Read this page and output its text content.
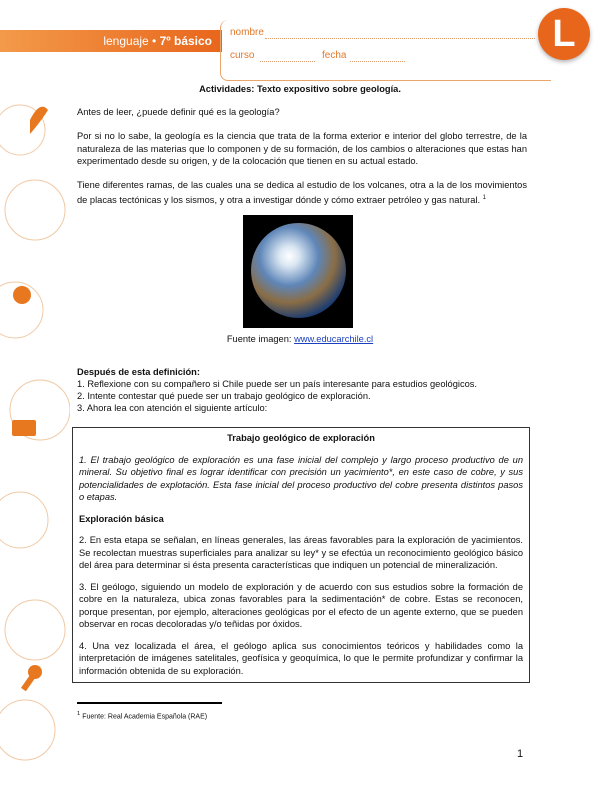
lenguaje • 7º básico
nombre
curso	fecha
L
Actividades: Texto expositivo sobre geología.
Antes de leer, ¿puede definir qué es la geología?
Por si no lo sabe, la geología es la ciencia que trata de la forma exterior e interior del globo terrestre, de la naturaleza de las materias que lo componen y de su formación, de los cambios o alteraciones que estas han experimentado desde su origen, y de la colocación que tienen en su actual estado.
Tiene diferentes ramas, de las cuales una se dedica al estudio de los volcanes, otra a la de los movimientos de placas tectónicas y los sismos, y otra a investigar dónde y cómo extraer petróleo y gas natural. $^1$
Fuente imagen: www.educarchile.cl
Después de esta definición:
1. Reflexione con su compañero si Chile puede ser un país interesante para estudios geológicos.
2. Intente contestar qué puede ser un trabajo geológico de exploración.
3. Ahora lea con atención el siguiente artículo:

Trabajo geológico de exploración

1. El trabajo geológico de exploración es una fase inicial del complejo y largo proceso productivo de un mineral. Su objetivo final es lograr identificar con precisión un yacimiento*, en este caso de cobre, y sus potencialidades de explotación. Esta fase inicial del proceso productivo del cobre presenta distintos pasos o etapas.

Exploración básica

2. En esta etapa se señalan, en líneas generales, las áreas favorables para la exploración de yacimientos. Se recolectan muestras superficiales para analizar su ley* y se efectúa un reconocimiento geológico básico del área para determinar si ésta presenta características que indiquen un potencial de mineralización.

3. El geólogo, siguiendo un modelo de exploración y de acuerdo con sus estudios sobre la formación de cobre en la naturaleza, ubica zonas favorables para la sedimentación* de cobre. Estas se reconocen, porque presentan, por ejemplo, alteraciones geológicas por el efecto de un agente externo, que se pueden observar en rocas decoloradas y/o teñidas por óxidos.

4. Una vez localizada el área, el geólogo aplica sus conocimientos teóricos y habilidades como la interpretación de imágenes satelitales, geofísica y geoquímica, lo que le permite profundizar y confirmar la información obtenida de su exploración.

$^1$ Fuente: Real Academia Española (RAE)
1
